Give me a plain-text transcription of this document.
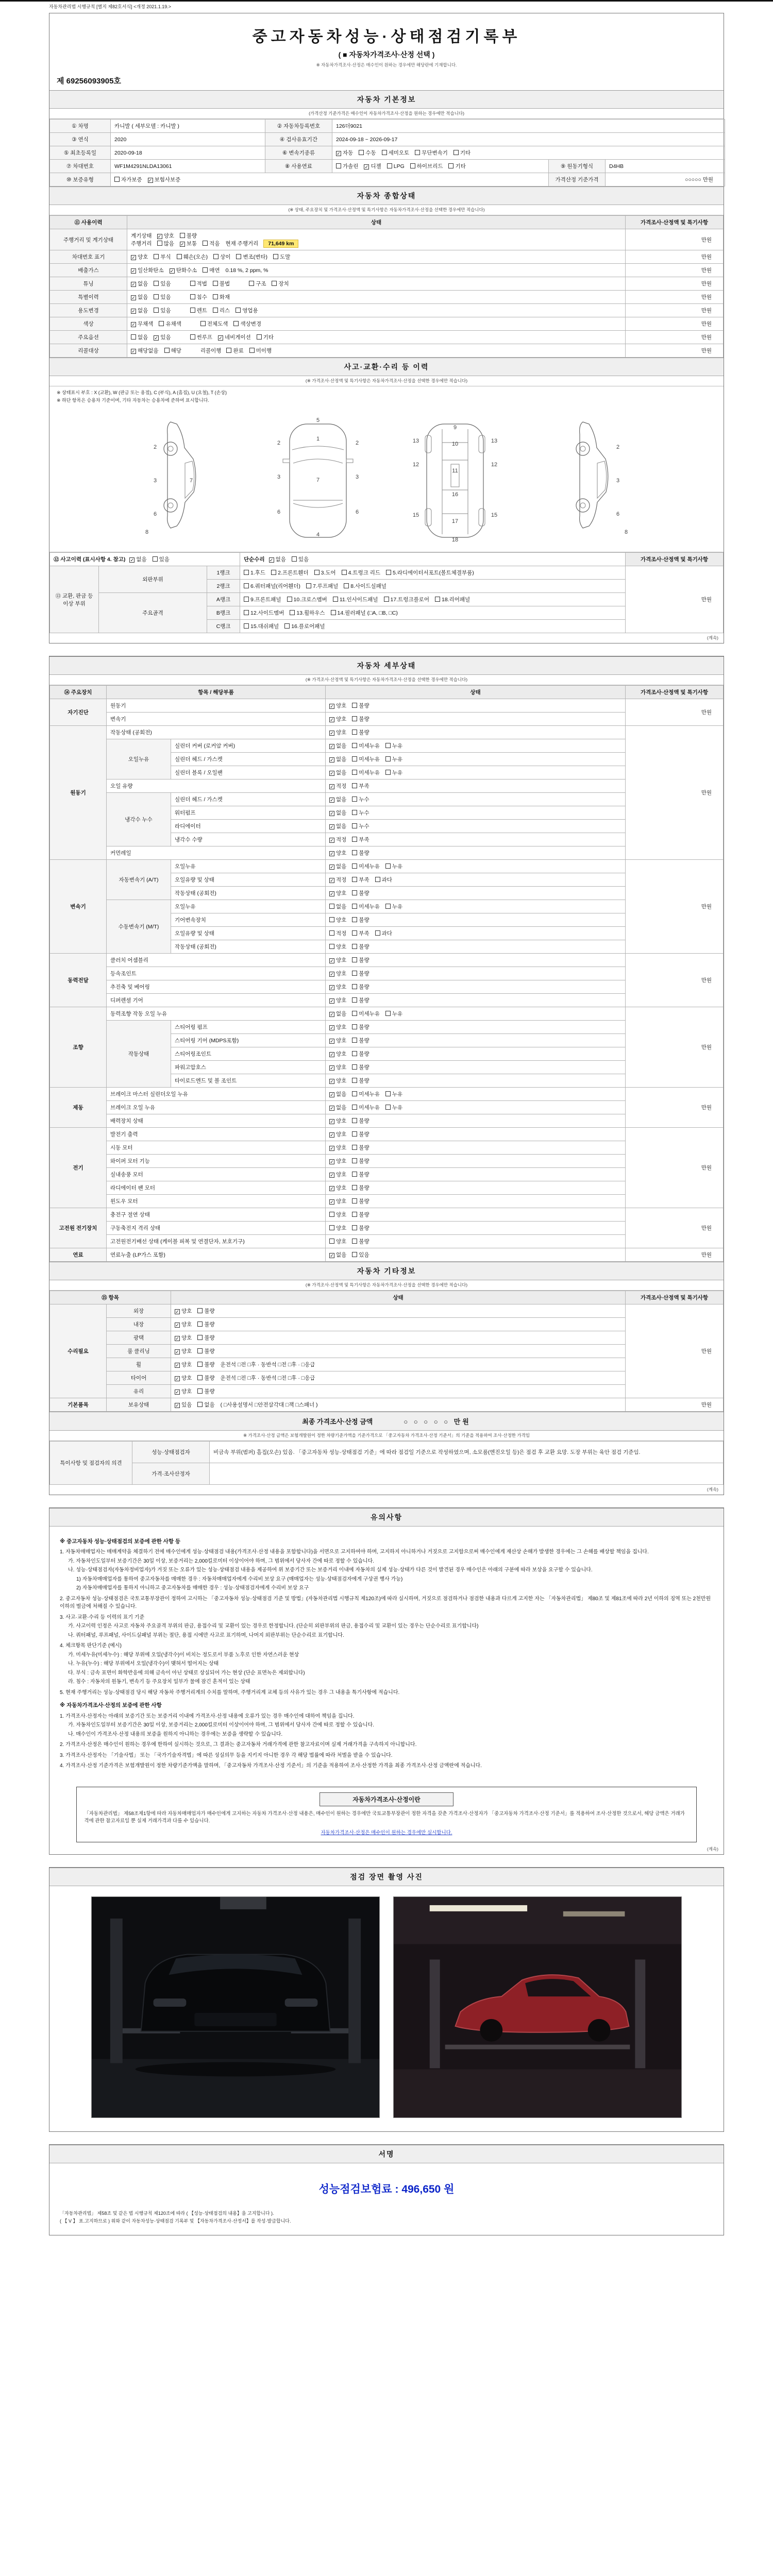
자동차관리법 시행규칙 [별지 제82호서식] <개정 2021.1.19.>
중고자동차성능·상태점검기록부
( ■ 자동차가격조사·산정 선택 )
※ 자동차가격조사·산정은 매수인이 원하는 경우에만 해당란에 기재합니다.
제 69256093905호
자동차 기본정보
(가격산정 기준가격은 매수인이 자동차가격조사·산정을 원하는 경우에만 적습니다)
① 차명	카니발 ( 세부모델 : 카니발 )	② 자동차등록번호	126더9021		
③ 연식	2020	④ 검사유효기간	2024-09-18 ~ 2026-09-17		
⑤ 최초등록일	2020-09-18	⑥ 변속기종류	✓ 자동 수동 세미오토 무단변속기 기타		
⑦ 차대번호	WF1M4291NLDA13061	⑧ 사용연료	가솔린 ✓ 디젤 LPG 하이브리드 기타	⑨ 원동기형식	D4HB
⑩ 보증유형	자가보증 ✓ 보험사보증			가격산정 기준가격	○○○○○ 만원
자동차 종합상태
(※ 상태, 주요장치 및 가격조사·산정액 및 특기사항은 자동차가격조사·산정을 선택한 경우에만 적습니다)
⑪ 사용이력	상태	가격조사·산정액 및 특기사항
주행거리 및 계기상태	계기상태 ✓ 양호 불량
주행거리 많음 ✓ 보통 적음 현재 주행거리 71,649 km	만원
차대번호 표기	✓ 양호 부식 훼손(오손) 상이 변조(변타) 도말	만원
배출가스	✓ 일산화탄소 ✓ 탄화수소 매연 0.18 %, 2 ppm, %	만원
튜닝	✓ 없음 있음 적법 불법 구조 장치	만원
특별이력	✓ 없음 있음 침수 화재	만원
용도변경	✓ 없음 있음 렌트 리스 영업용	만원
색상	✓ 무채색 유채색 전체도색 색상변경	만원
주요옵션	없음 ✓ 있음 썬루프 ✓ 네비게이션 기타	만원
리콜대상	✓ 해당없음 해당 리콜이행 완료 미이행	만원
사고·교환·수리 등 이력
(※ 가격조사·산정액 및 특기사항은 자동차가격조사·산정을 선택한 경우에만 적습니다)
※ 상태표시 부호 : X (교환), W (판금 또는 용접), C (부식), A (흠집), U (요철), T (손상)
※ 하단 항목은 승용차 기준이며, 기타 자동차는 승용차에 준하여 표시합니다.
2
3
6
7
8
5
1
2	2
3	3
7
6	6
4
9
10
12	12
13	13
11
16
15	15
17
18
2
3
6
8
⑫ 사고이력 (표시사항 4. 참고) ✓ 없음 있음			단순수리 ✓ 없음 있음	가격조사·산정액 및 특기사항
⑬ 교환, 판금 등 이상 부위	외판부위	1랭크	1.후드 2.프론트휀더 3.도어 4.트렁크 리드 5.라디에이터서포트(볼트체결부품)	만원
		2랭크	6.쿼터패널(리어휀더) 7.루프패널 8.사이드실패널	
	주요골격	A랭크	9.프론트패널 10.크로스멤버 11.인사이드패널 17.트렁크플로어 18.리어패널	
		B랭크	12.사이드멤버 13.휠하우스 14.필러패널 (□A, □B, □C)	
		C랭크	15.대쉬패널 16.플로어패널	
(계속)
자동차 세부상태
(※ 가격조사·산정액 및 특기사항은 자동차가격조사·산정을 선택한 경우에만 적습니다)
⑭ 주요장치	항목 / 해당부품		상태	가격조사·산정액 및 특기사항
자기진단	원동기		✓ 양호 불량	만원
	변속기		✓ 양호 불량	
원동기	작동상태 (공회전)		✓ 양호 불량	만원
	오일누유	실린더 커버 (로커암 커버)	✓ 없음 미세누유 누유	
		실린더 헤드 / 가스켓	✓ 없음 미세누유 누유	
		실린더 블록 / 오일팬	✓ 없음 미세누유 누유	
	오일 유량		✓ 적정 부족	
	냉각수 누수	실린더 헤드 / 가스켓	✓ 없음 누수	
		워터펌프	✓ 없음 누수	
		라디에이터	✓ 없음 누수	
		냉각수 수량	✓ 적정 부족	
	커먼레일		✓ 양호 불량	
변속기	자동변속기 (A/T)	오일누유	✓ 없음 미세누유 누유	만원
		오일유량 및 상태	✓ 적정 부족 과다	
		작동상태 (공회전)	✓ 양호 불량	
	수동변속기 (M/T)	오일누유	없음 미세누유 누유	
		기어변속장치	양호 불량	
		오일유량 및 상태	적정 부족 과다	
		작동상태 (공회전)	양호 불량	
동력전달	클러치 어셈블리		✓ 양호 불량	만원
	등속조인트		✓ 양호 불량	
	추진축 및 베어링		✓ 양호 불량	
	디퍼렌셜 기어		✓ 양호 불량	
조향	동력조향 작동 오일 누유		✓ 없음 미세누유 누유	만원
	작동상태	스티어링 펌프	✓ 양호 불량	
		스티어링 기어 (MDPS포함)	✓ 양호 불량	
		스티어링조인트	✓ 양호 불량	
		파워고압호스	✓ 양호 불량	
		타이로드엔드 및 볼 조인트	✓ 양호 불량	
제동	브레이크 마스터 실린더오일 누유		✓ 없음 미세누유 누유	만원
	브레이크 오일 누유		✓ 없음 미세누유 누유	
	배력장치 상태		✓ 양호 불량	
전기	발전기 출력		✓ 양호 불량	만원
	시동 모터		✓ 양호 불량	
	와이퍼 모터 기능		✓ 양호 불량	
	실내송풍 모터		✓ 양호 불량	
	라디에이터 팬 모터		✓ 양호 불량	
	윈도우 모터		✓ 양호 불량	
고전원 전기장치	충전구 절연 상태		양호 불량	만원
	구동축전지 격리 상태		양호 불량	
	고전원전기배선 상태 (케이블 피복 및 연결단자, 보호기구)		양호 불량	
연료	연료누출 (LP가스 포함)		✓ 없음 있음	만원
자동차 기타정보
(※ 가격조사·산정액 및 특기사항은 자동차가격조사·산정을 선택한 경우에만 적습니다)
⑮ 항목		상태	가격조사·산정액 및 특기사항
수리필요	외장	✓ 양호 불량	만원
	내장	✓ 양호 불량	
	광택	✓ 양호 불량	
	룸 클리닝	✓ 양호 불량	
	휠	✓ 양호 불량 운전석 □전 □후 · 동반석 □전 □후 · □응급	
	타이어	✓ 양호 불량 운전석 □전 □후 · 동반석 □전 □후 · □응급	
	유리	✓ 양호 불량	
기본품목	보유상태	✓ 있음 없음 ( □사용설명서 □안전삼각대 □잭 □스패너 )	만원
최종 가격조사·산정 금액	○ ○ ○ ○ ○ 만원
※ 가격조사·산정 금액은 보험개발원이 정한 차량기준가액을 기준가격으로 「중고자동차 가격조사·산정 기준서」의 기준을 적용하여 조사·산정한 가격임
특이사항 및 점검자의 의견	성능·상태점검자	비금속 부위(범퍼) 흠집(오손) 있음. 「중고자동차 성능·상태점검 기준」에 따라 점검일 기준으로 작성하였으며, 소모품(엔진오일 등)은 점검 후 교환 요망. 도장 부위는 육안 점검 기준임.
	가격·조사산정자	
(계속)
유의사항
※ 중고자동차 성능·상태점검의 보증에 관한 사항 등
1. 자동차매매업자는 매매계약을 체결하기 전에 매수인에게 성능·상태점검 내용(가격조사·산정 내용을 포함합니다)을 서면으로 고지하여야 하며, 고지하지 아니하거나 거짓으로 고지함으로써 매수인에게 재산상 손해가 발생한 경우에는 그 손해를 배상할 책임을 집니다.
가. 자동차인도일부터 보증기간은 30일 이상, 보증거리는 2,000킬로미터 이상이어야 하며, 그 범위에서 당사자 간에 따로 정할 수 있습니다.
나. 성능·상태점검자(자동차정비업자)가 거짓 또는 오류가 있는 성능·상태점검 내용을 제공하여 위 보증기간 또는 보증거리 이내에 자동차의 실제 성능·상태가 다른 것이 발견된 경우 매수인은 아래의 구분에 따라 보상을 요구할 수 있습니다.
1) 자동차매매업자를 통하여 중고자동차를 매매한 경우 : 자동차매매업자에게 수리비 보상 요구 (매매업자는 성능·상태점검자에게 구상권 행사 가능)
2) 자동차매매업자를 통하지 아니하고 중고자동차를 매매한 경우 : 성능·상태점검자에게 수리비 보상 요구
2. 중고자동차 성능·상태점검은 국토교통부장관이 정하여 고시하는 「중고자동차 성능·상태점검 기준 및 방법」(자동차관리법 시행규칙 제120조)에 따라 실시하며, 거짓으로 점검하거나 점검한 내용과 다르게 고지한 자는 「자동차관리법」 제80조 및 제81조에 따라 2년 이하의 징역 또는 2천만원 이하의 벌금에 처해질 수 있습니다.
3. 사고·교환·수리 등 이력의 표기 기준
가. 사고이력 인정은 사고로 자동차 주요골격 부위의 판금, 용접수리 및 교환이 있는 경우로 한정합니다. (단순히 외판부위의 판금, 용접수리 및 교환이 있는 경우는 단순수리로 표기합니다)
나. 쿼터패널, 루프패널, 사이드실패널 부위는 절단, 용접 시에만 사고로 표기하며, 나머지 외판부위는 단순수리로 표기합니다.
4. 체크항목 판단기준 (예시)
가. 미세누유(미세누수) : 해당 부위에 오일(냉각수)이 비치는 정도로서 부품 노후로 인한 자연스러운 현상
나. 누유(누수) : 해당 부위에서 오일(냉각수)이 맺혀서 떨어지는 상태
다. 부식 : 금속 표면이 화학반응에 의해 금속이 아닌 상태로 상실되어 가는 현상 (단순 표면녹은 제외합니다)
라. 침수 : 자동차의 원동기, 변속기 등 주요장치 일부가 물에 잠긴 흔적이 있는 상태
5. 현재 주행거리는 성능·상태점검 당시 해당 자동차 주행거리계의 수치를 말하며, 주행거리계 교체 등의 사유가 있는 경우 그 내용을 특기사항에 적습니다.
※ 자동차가격조사·산정의 보증에 관한 사항
1. 가격조사·산정자는 아래의 보증기간 또는 보증거리 이내에 가격조사·산정 내용에 오류가 있는 경우 매수인에 대하여 책임을 집니다.
가. 자동차인도일부터 보증기간은 30일 이상, 보증거리는 2,000킬로미터 이상이어야 하며, 그 범위에서 당사자 간에 따로 정할 수 있습니다.
나. 매수인이 가격조사·산정 내용의 보증을 원하지 아니하는 경우에는 보증을 생략할 수 있습니다.
2. 가격조사·산정은 매수인이 원하는 경우에 한하여 실시하는 것으로, 그 결과는 중고자동차 거래가격에 관한 참고자료이며 실제 거래가격을 구속하지 아니합니다.
3. 가격조사·산정자는 「기술사법」 또는 「국가기술자격법」에 따른 성실의무 등을 지키지 아니한 경우 각 해당 법률에 따라 처벌을 받을 수 있습니다.
4. 가격조사·산정 기준가격은 보험개발원이 정한 차량기준가액을 말하며, 「중고자동차 가격조사·산정 기준서」의 기준을 적용하여 조사·산정한 가격을 최종 가격조사·산정 금액란에 적습니다.
자동차가격조사·산정이란
「자동차관리법」 제58조제1항에 따라 자동차매매업자가 매수인에게 고지하는 자동차 가격조사·산정 내용은, 매수인이 원하는 경우에만 국토교통부장관이 정한 자격을 갖춘 가격조사·산정자가 「중고자동차 가격조사·산정 기준서」를 적용하여 조사·산정한 것으로서, 해당 금액은 거래가격에 관한 참고자료일 뿐 실제 거래가격과 다를 수 있습니다.
자동차가격조사·산정은 매수인이 원하는 경우에만 실시합니다.
(계속)
점검 장면 촬영 사진
서명
성능점검보험료 : 496,650 원
「자동차관리법」 제58조 및 같은 법 시행규칙 제120조에 따라 ( 【성능·상태점검의 내용】을 고지합니다 ).
( 【 V 】 표.고지하므로 ) 위와 같이 자동차성능·상태점검 기록부 및 【자동차가격조사·산정서】를 작성·발급합니다.
